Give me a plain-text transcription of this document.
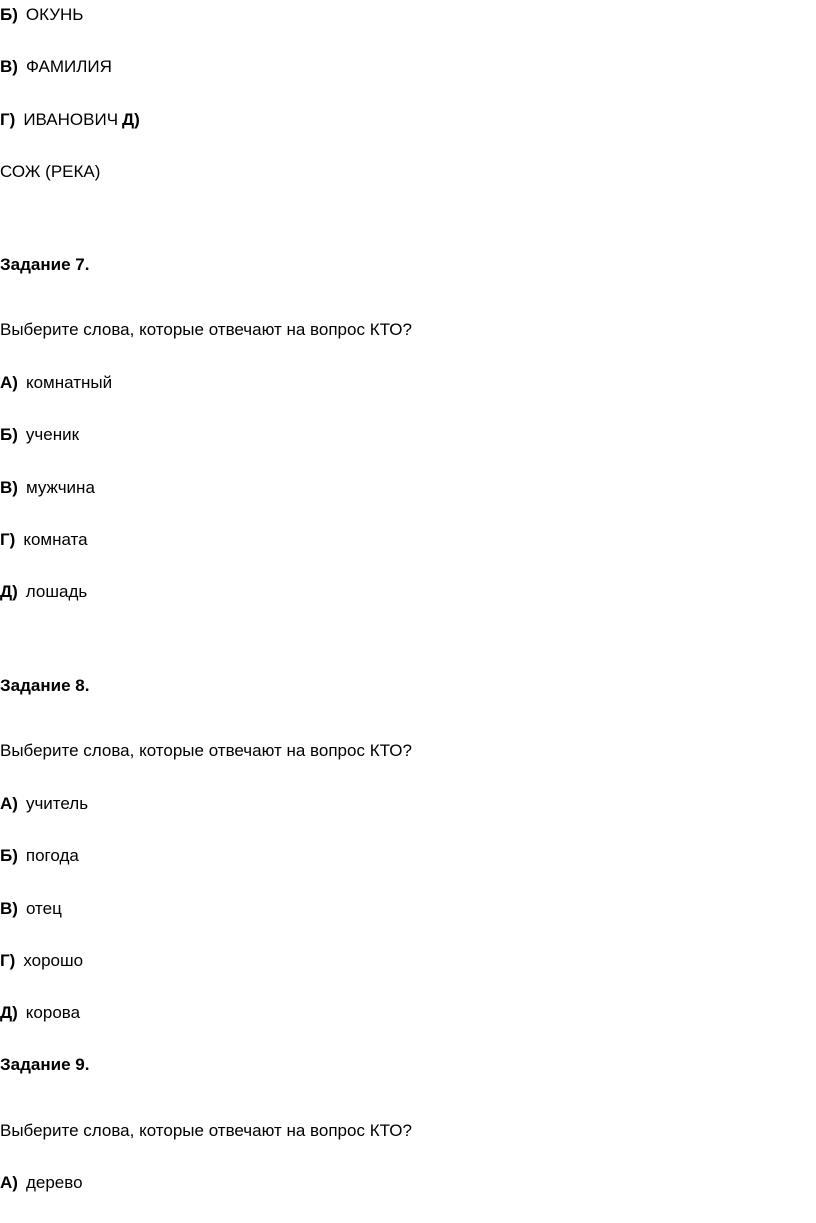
Б) ОКУНЬ
В) ФАМИЛИЯ
Г) ИВАНОВИЧ Д)
СОЖ (РЕКА)
Задание 7.
Выберите слова, которые отвечают на вопрос КТО?
А) комнатный
Б) ученик
В) мужчина
Г) комната
Д) лошадь
Задание 8.
Выберите слова, которые отвечают на вопрос КТО?
А) учитель
Б) погода
В) отец
Г) хорошо
Д) корова
Задание 9.
Выберите слова, которые отвечают на вопрос КТО?
А) дерево
